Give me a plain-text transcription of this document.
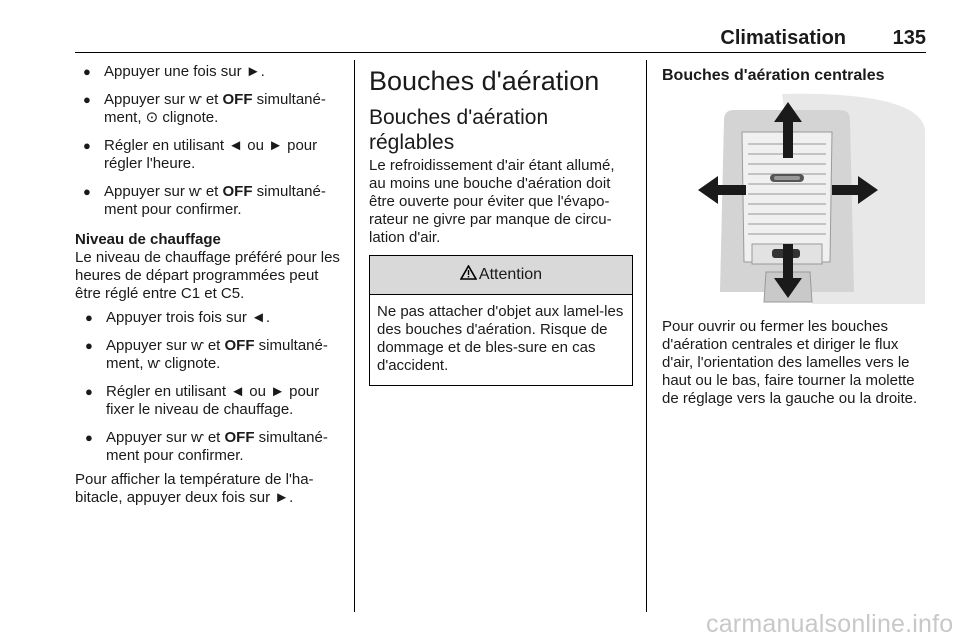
Climatisation 135
● Appuyer une fois sur ►.
● Appuyer sur ⱳ et OFF simultané-ment, ⊙ clignote.
● Régler en utilisant ◄ ou ► pour régler l'heure.
● Appuyer sur ⱳ et OFF simultané-ment pour confirmer.

Niveau de chauffage

Le niveau de chauffage préféré pour les heures de départ programmées peut être réglé entre C1 et C5.

● Appuyer trois fois sur ◄.
● Appuyer sur ⱳ et OFF simultané-ment, ⱳ clignote.
● Régler en utilisant ◄ ou ► pour fixer le niveau de chauffage.
● Appuyer sur ⱳ et OFF simultané-ment pour confirmer.

Pour afficher la température de l'ha-bitacle, appuyer deux fois sur ►.

Bouches d'aération
Bouches d'aération réglables

Le refroidissement d'air étant allumé, au moins une bouche d'aération doit être ouverte pour éviter que l'évapo-rateur ne givre par manque de circu-lation d'air.

Attention
Ne pas attacher d'objet aux lamel-les des bouches d'aération. Risque de dommage et de bles-sure en cas d'accident.
Bouches d'aération centrales

Pour ouvrir ou fermer les bouches d'aération centrales et diriger le flux d'air, l'orientation des lamelles vers le haut ou le bas, faire tourner la molette de réglage vers la gauche ou la droite.

carmanualsonline.info
